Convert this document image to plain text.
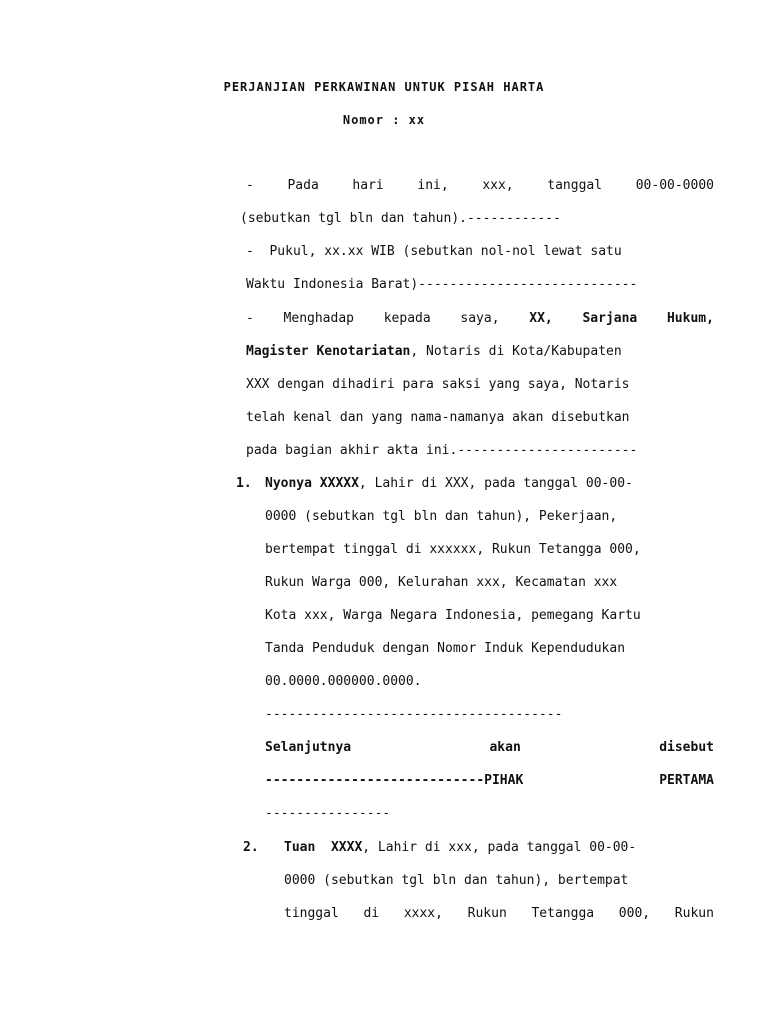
PERJANJIAN PERKAWINAN UNTUK PISAH HARTA
Nomor : xx
-	Pada	hari	ini,	xxx,	tanggal	00-00-0000
(sebutkan tgl bln dan tahun).------------
-  Pukul, xx.xx WIB (sebutkan nol-nol lewat satu
Waktu Indonesia Barat)----------------------------
- Menghadap kepada saya, XX, Sarjana Hukum,
Magister Kenotariatan, Notaris di Kota/Kabupaten
XXX dengan dihadiri para saksi yang saya, Notaris
telah kenal dan yang nama-namanya akan disebutkan
pada bagian akhir akta ini.-----------------------
1. Nyonya XXXXX, Lahir di XXX, pada tanggal 00-00-
0000 (sebutkan tgl bln dan tahun), Pekerjaan,
bertempat tinggal di xxxxxx, Rukun Tetangga 000,
Rukun Warga 000, Kelurahan xxx, Kecamatan xxx
Kota xxx, Warga Negara Indonesia, pemegang Kartu
Tanda Penduduk dengan Nomor Induk Kependudukan
00.0000.000000.0000.
--------------------------------------
Selanjutnya	akan	disebut
----------------------------PIHAK	PERTAMA
----------------
2. Tuan  XXXX, Lahir di xxx, pada tanggal 00-00-
0000 (sebutkan tgl bln dan tahun), bertempat
tinggal di xxxx, Rukun Tetangga 000, Rukun
